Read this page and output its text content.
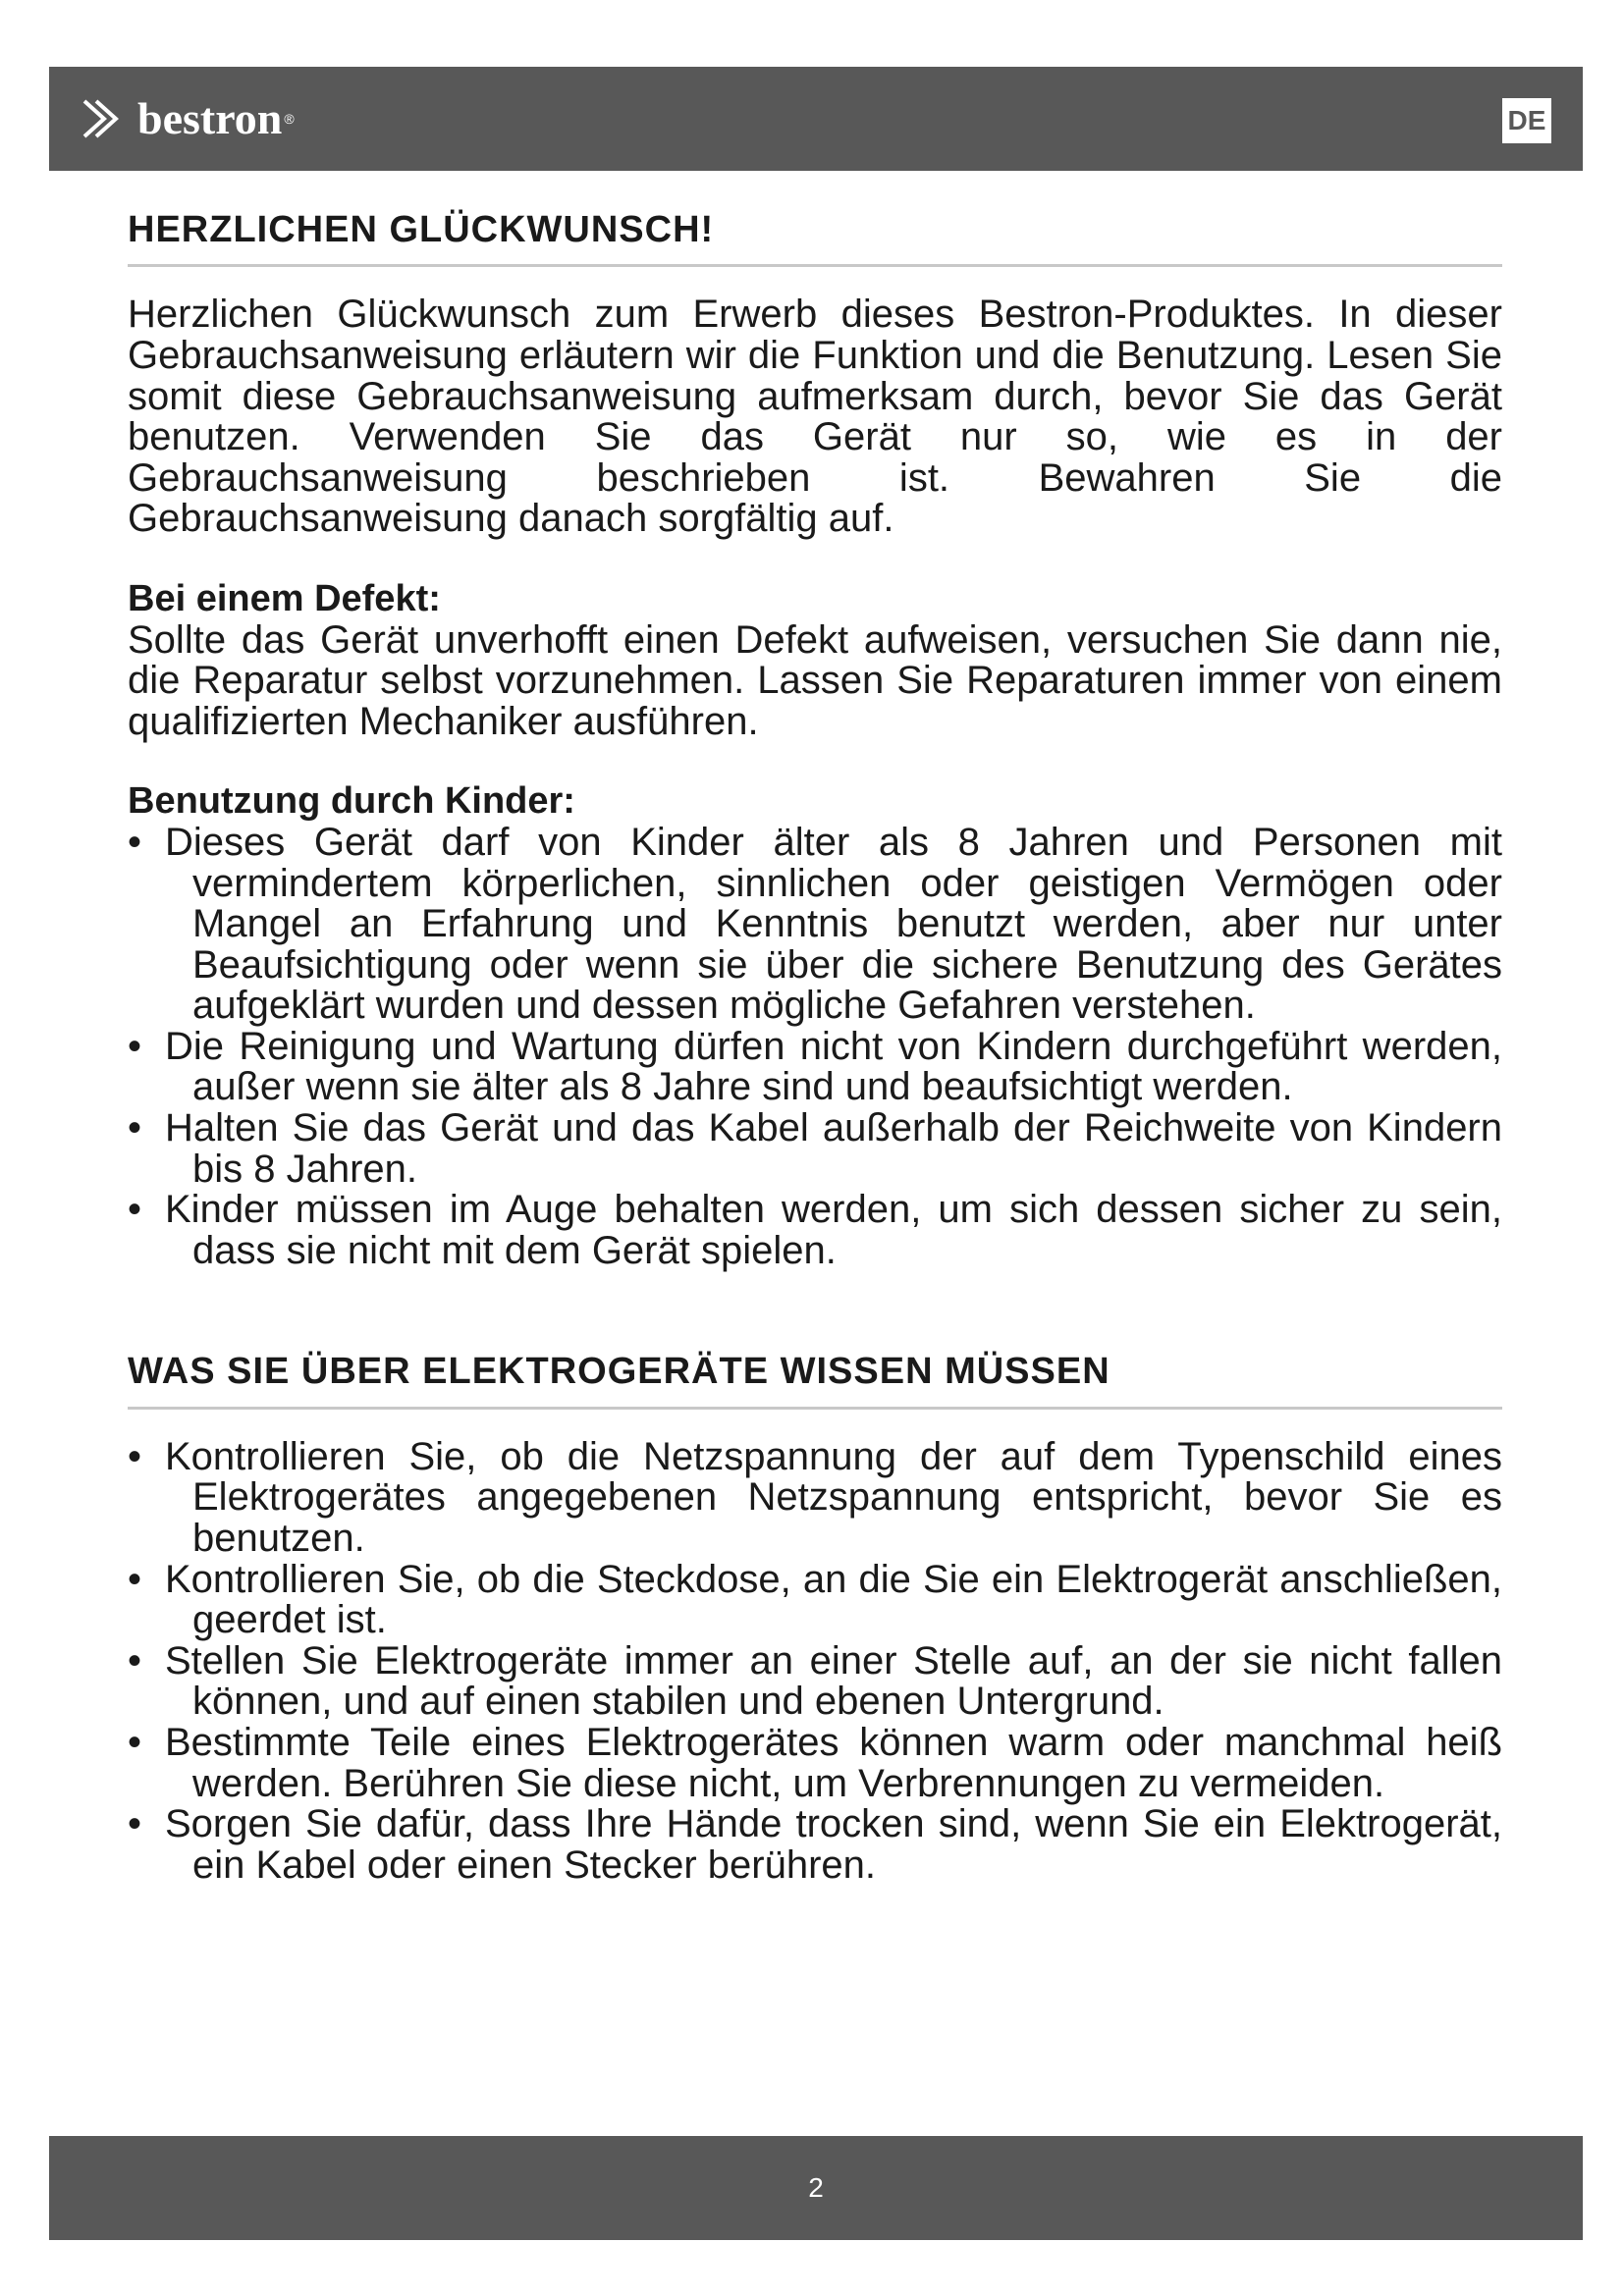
bestron ®	DE
HERZLICHEN GLÜCKWUNSCH!

Herzlichen Glückwunsch zum Erwerb dieses Bestron-Produktes. In dieser Gebrauchsanweisung erläutern wir die Funktion und die Benutzung. Lesen Sie somit diese Gebrauchsanweisung aufmerksam durch, bevor Sie das Gerät benutzen. Verwenden Sie das Gerät nur so, wie es in der Gebrauchsanweisung beschrieben ist. Bewahren Sie die Gebrauchsanweisung danach sorgfältig auf.

Bei einem Defekt:

Sollte das Gerät unverhofft einen Defekt aufweisen, versuchen Sie dann nie, die Reparatur selbst vorzunehmen. Lassen Sie Reparaturen immer von einem qualifizierten Mechaniker ausführen.

Benutzung durch Kinder:
• Dieses Gerät darf von Kinder älter als 8 Jahren und Personen mit vermindertem körperlichen, sinnlichen oder geistigen Vermögen oder Mangel an Erfahrung und Kenntnis benutzt werden, aber nur unter Beaufsichtigung oder wenn sie über die sichere Benutzung des Gerätes aufgeklärt wurden und dessen mögliche Gefahren verstehen.
• Die Reinigung und Wartung dürfen nicht von Kindern durchgeführt werden, außer wenn sie älter als 8 Jahre sind und beaufsichtigt werden.
• Halten Sie das Gerät und das Kabel außerhalb der Reichweite von Kindern bis 8 Jahren.
• Kinder müssen im Auge behalten werden, um sich dessen sicher zu sein, dass sie nicht mit dem Gerät spielen.
WAS SIE ÜBER ELEKTROGERÄTE WISSEN MÜSSEN
• Kontrollieren Sie, ob die Netzspannung der auf dem Typenschild eines Elektrogerätes angegebenen Netzspannung entspricht, bevor Sie es benutzen.
• Kontrollieren Sie, ob die Steckdose, an die Sie ein Elektrogerät anschließen, geerdet ist.
• Stellen Sie Elektrogeräte immer an einer Stelle auf, an der sie nicht fallen können, und auf einen stabilen und ebenen Untergrund.
• Bestimmte Teile eines Elektrogerätes können warm oder manchmal heiß werden. Berühren Sie diese nicht, um Verbrennungen zu vermeiden.
• Sorgen Sie dafür, dass Ihre Hände trocken sind, wenn Sie ein Elektrogerät, ein Kabel oder einen Stecker berühren.
2
